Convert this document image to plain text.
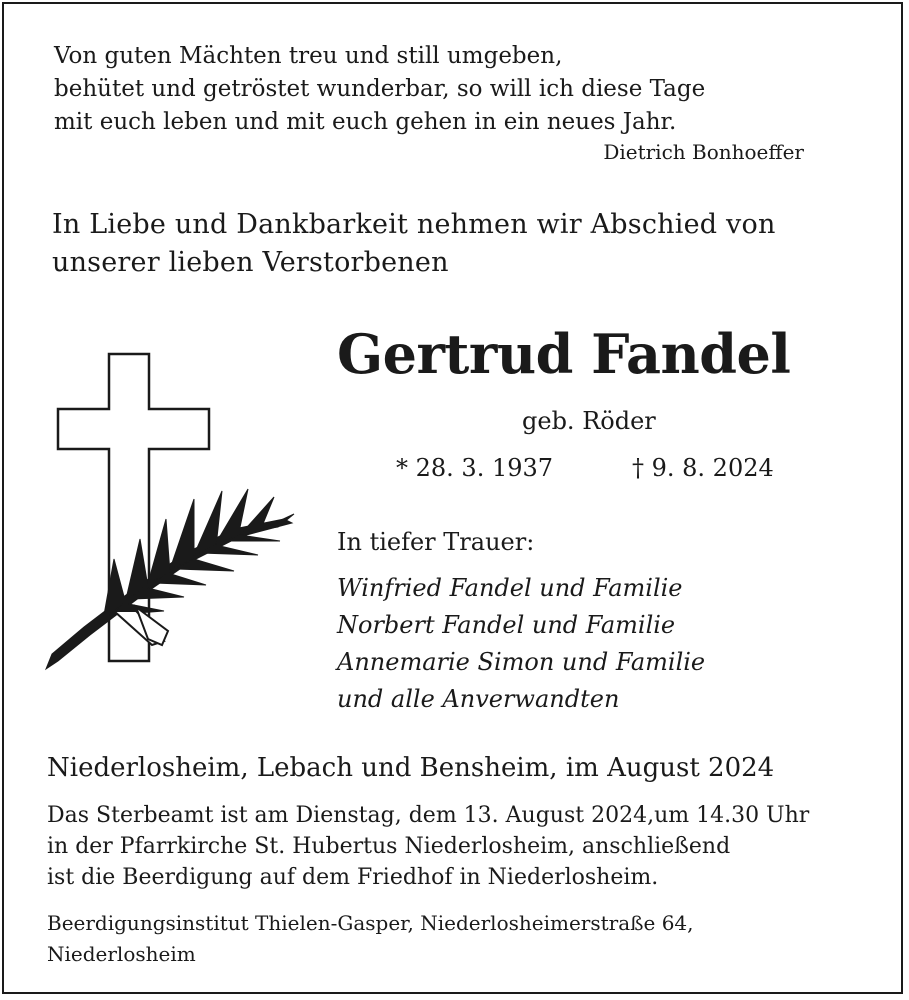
Von guten Mächten treu und still umgeben,
behütet und getröstet wunderbar, so will ich diese Tage
mit euch leben und mit euch gehen in ein neues Jahr.
Dietrich Bonhoeffer
In Liebe und Dankbarkeit nehmen wir Abschied von
unserer lieben Verstorbenen
Gertrud Fandel
geb. Röder
* 28. 3. 1937	† 9. 8. 2024
In tiefer Trauer:
Winfried Fandel und Familie
Norbert Fandel und Familie
Annemarie Simon und Familie
und alle Anverwandten
Niederlosheim, Lebach und Bensheim, im August 2024
Das Sterbeamt ist am Dienstag, dem 13. August 2024,um 14.30 Uhr
in der Pfarrkirche St. Hubertus Niederlosheim, anschließend
ist die Beerdigung auf dem Friedhof in Niederlosheim.
Beerdigungsinstitut Thielen-Gasper, Niederlosheimerstraße 64,
Niederlosheim
